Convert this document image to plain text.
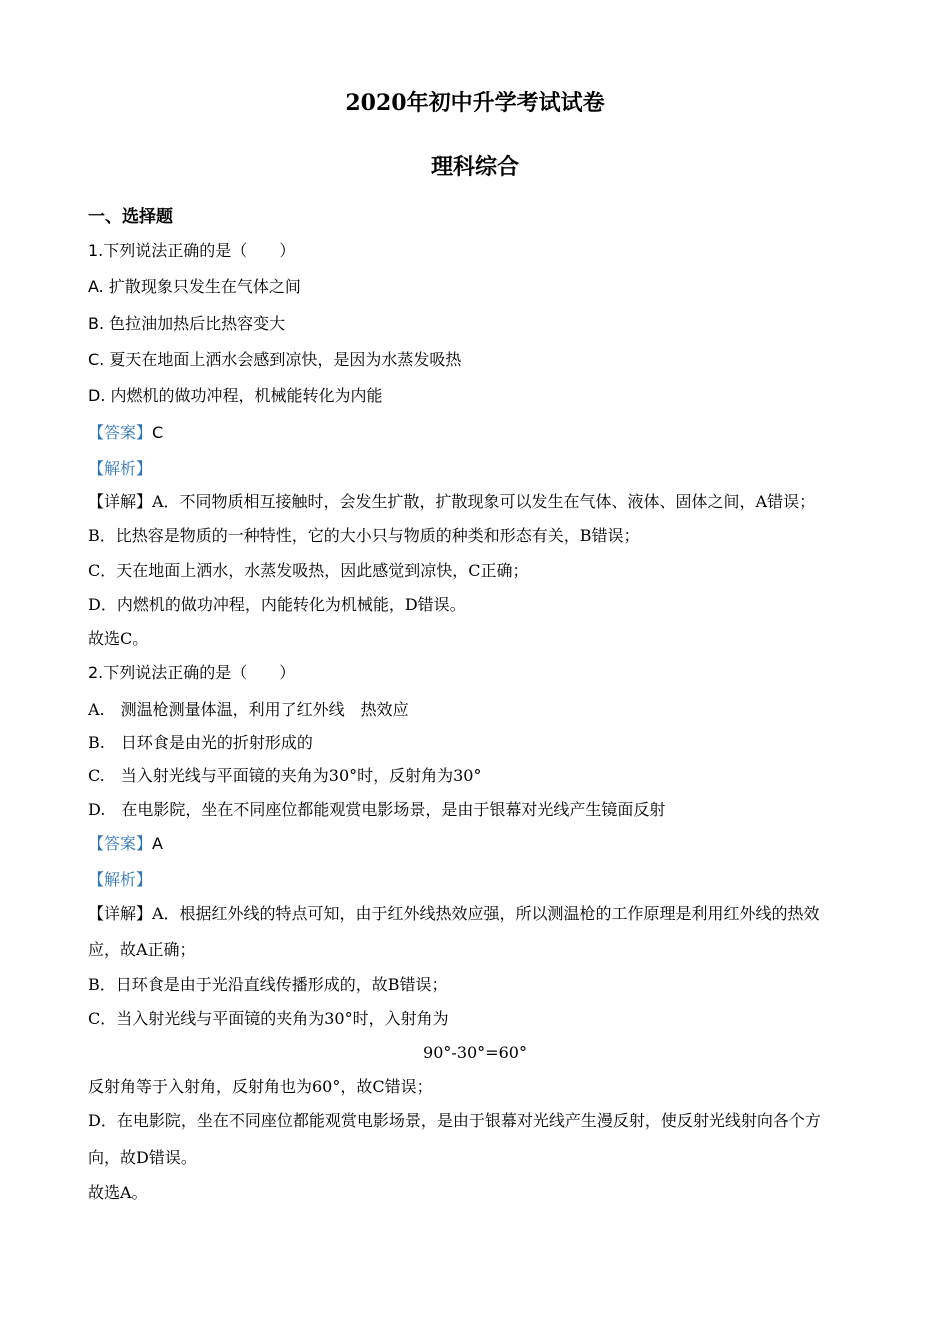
2020年初中升学考试试卷
理科综合
一、选择题
1.下列说法正确的是（　　）
A. 扩散现象只发生在气体之间
B. 色拉油加热后比热容变大
C. 夏天在地面上洒水会感到凉快，是因为水蒸发吸热
D. 内燃机的做功冲程，机械能转化为内能
【答案】C
【解析】
【详解】A．不同物质相互接触时，会发生扩散，扩散现象可以发生在气体、液体、固体之间，A错误；
B．比热容是物质的一种特性，它的大小只与物质的种类和形态有关，B错误；
C．天在地面上洒水，水蒸发吸热，因此感觉到凉快，C正确；
D．内燃机的做功冲程，内能转化为机械能，D错误。
故选C。
2.下列说法正确的是（　　）
A.　测温枪测量体温，利用了红外线　热效应
B.　日环食是由光的折射形成的
C.　当入射光线与平面镜的夹角为30°时，反射角为30°
D.　在电影院，坐在不同座位都能观赏电影场景，是由于银幕对光线产生镜面反射
【答案】A
【解析】
【详解】A．根据红外线的特点可知，由于红外线热效应强，所以测温枪的工作原理是利用红外线的热效
应，故A正确；
B．日环食是由于光沿直线传播形成的，故B错误；
C．当入射光线与平面镜的夹角为30°时，入射角为
90°-30°=60°
反射角等于入射角，反射角也为60°，故C错误；
D．在电影院，坐在不同座位都能观赏电影场景，是由于银幕对光线产生漫反射，使反射光线射向各个方
向，故D错误。
故选A。
